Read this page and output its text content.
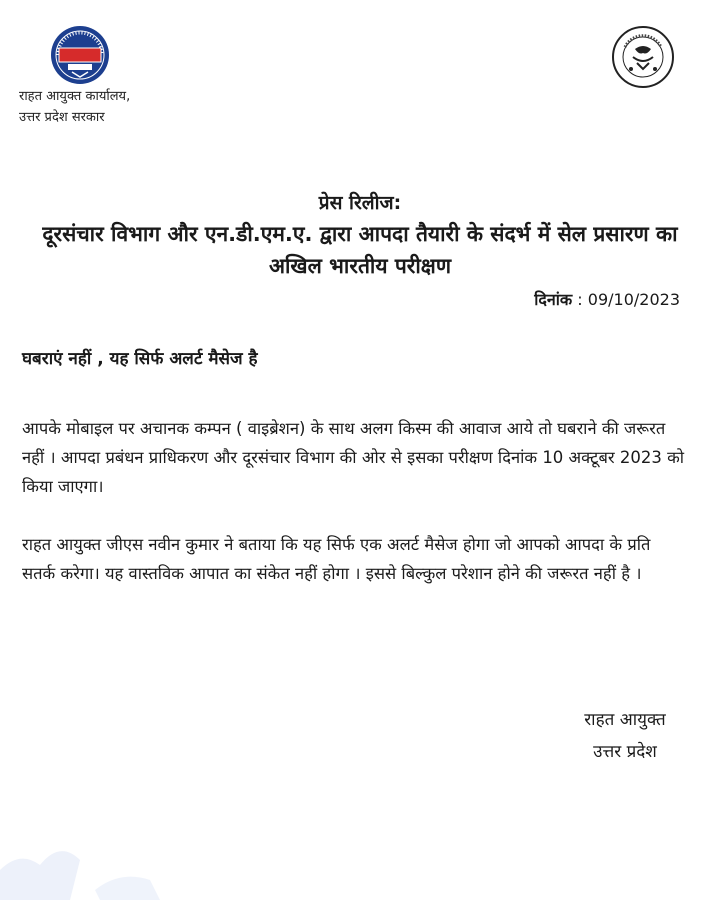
राहत आयुक्त कार्यालय,
उत्तर प्रदेश सरकार
प्रेस रिलीज:
दूरसंचार विभाग और एन.डी.एम.ए. द्वारा आपदा तैयारी के संदर्भ में सेल प्रसारण का अखिल भारतीय परीक्षण
दिनांक : 09/10/2023
घबराएं नहीं , यह सिर्फ अलर्ट मैसेज है

आपके मोबाइल पर अचानक कम्पन ( वाइब्रेशन) के साथ अलग किस्म की आवाज आये तो घबराने की जरूरत नहीं । आपदा प्रबंधन प्राधिकरण और दूरसंचार विभाग की ओर से इसका परीक्षण दिनांक 10 अक्टूबर 2023 को किया जाएगा।

राहत आयुक्त जीएस नवीन कुमार ने बताया कि यह सिर्फ एक अलर्ट मैसेज होगा जो आपको आपदा के प्रति सतर्क करेगा। यह वास्तविक आपात का संकेत नहीं होगा । इससे बिल्कुल परेशान होने की जरूरत नहीं है ।

राहत आयुक्त
उत्तर प्रदेश
